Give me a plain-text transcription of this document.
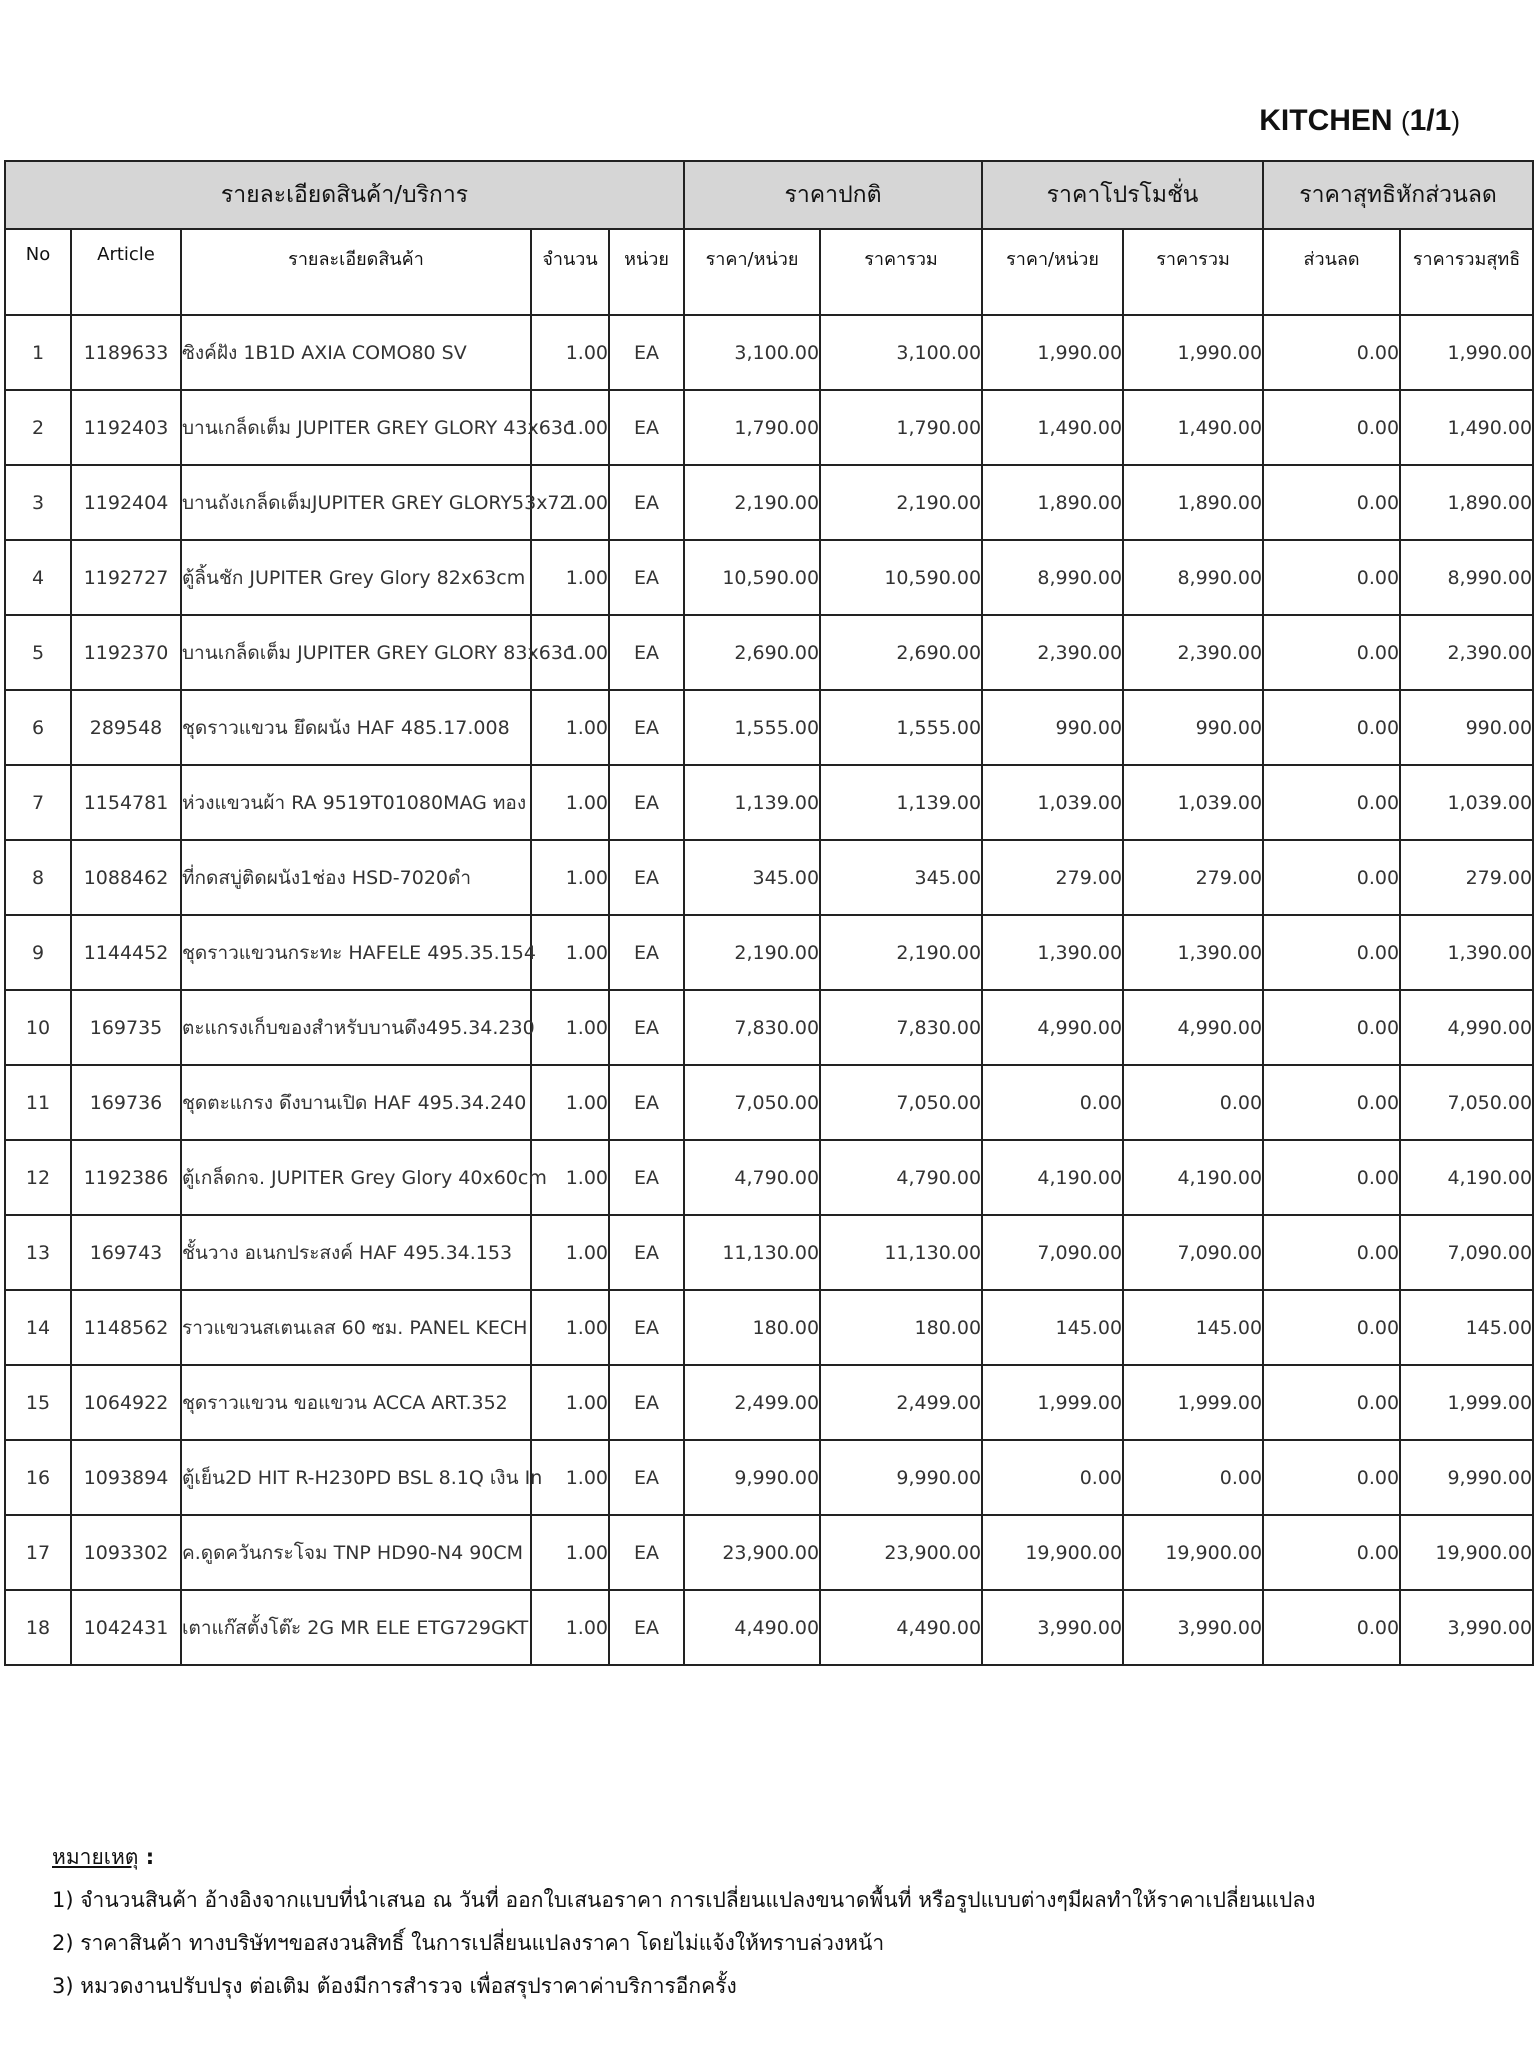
KITCHEN (1/1)
รายละเอียดสินค้า/บริการ					ราคาปกติ		ราคาโปรโมชั่น		ราคาสุทธิหักส่วนลด	
No	Article	รายละเอียดสินค้า	จำนวน	หน่วย	ราคา/หน่วย	ราคารวม	ราคา/หน่วย	ราคารวม	ส่วนลด	ราคารวมสุทธิ
1	1189633	ซิงค์ฝัง 1B1D AXIA COMO80 SV	1.00	EA	3,100.00	3,100.00	1,990.00	1,990.00	0.00	1,990.00
2	1192403	บานเกล็ดเต็ม JUPITER GREY GLORY 43x63c	1.00	EA	1,790.00	1,790.00	1,490.00	1,490.00	0.00	1,490.00
3	1192404	บานถังเกล็ดเต็มJUPITER GREY GLORY53x72	1.00	EA	2,190.00	2,190.00	1,890.00	1,890.00	0.00	1,890.00
4	1192727	ตู้ลิ้นชัก JUPITER Grey Glory 82x63cm	1.00	EA	10,590.00	10,590.00	8,990.00	8,990.00	0.00	8,990.00
5	1192370	บานเกล็ดเต็ม JUPITER GREY GLORY 83x63c	1.00	EA	2,690.00	2,690.00	2,390.00	2,390.00	0.00	2,390.00
6	289548	ชุดราวแขวน ยึดผนัง HAF 485.17.008	1.00	EA	1,555.00	1,555.00	990.00	990.00	0.00	990.00
7	1154781	ห่วงแขวนผ้า RA 9519T01080MAG ทอง	1.00	EA	1,139.00	1,139.00	1,039.00	1,039.00	0.00	1,039.00
8	1088462	ที่กดสบู่ติดผนัง1ช่อง HSD-7020ดำ	1.00	EA	345.00	345.00	279.00	279.00	0.00	279.00
9	1144452	ชุดราวแขวนกระทะ HAFELE 495.35.154	1.00	EA	2,190.00	2,190.00	1,390.00	1,390.00	0.00	1,390.00
10	169735	ตะแกรงเก็บของสำหรับบานดึง495.34.230	1.00	EA	7,830.00	7,830.00	4,990.00	4,990.00	0.00	4,990.00
11	169736	ชุดตะแกรง ดึงบานเปิด HAF 495.34.240	1.00	EA	7,050.00	7,050.00	0.00	0.00	0.00	7,050.00
12	1192386	ตู้เกล็ดกจ. JUPITER Grey Glory 40x60cm	1.00	EA	4,790.00	4,790.00	4,190.00	4,190.00	0.00	4,190.00
13	169743	ชั้นวาง อเนกประสงค์ HAF 495.34.153	1.00	EA	11,130.00	11,130.00	7,090.00	7,090.00	0.00	7,090.00
14	1148562	ราวแขวนสเตนเลส 60 ซม. PANEL KECH	1.00	EA	180.00	180.00	145.00	145.00	0.00	145.00
15	1064922	ชุดราวแขวน ขอแขวน ACCA ART.352	1.00	EA	2,499.00	2,499.00	1,999.00	1,999.00	0.00	1,999.00
16	1093894	ตู้เย็น2D HIT R-H230PD BSL 8.1Q เงิน In	1.00	EA	9,990.00	9,990.00	0.00	0.00	0.00	9,990.00
17	1093302	ค.ดูดควันกระโจม TNP HD90-N4 90CM	1.00	EA	23,900.00	23,900.00	19,900.00	19,900.00	0.00	19,900.00
18	1042431	เตาแก๊สตั้งโต๊ะ 2G MR ELE ETG729GKT	1.00	EA	4,490.00	4,490.00	3,990.00	3,990.00	0.00	3,990.00
หมายเหตุ :
1) จำนวนสินค้า อ้างอิงจากแบบที่นำเสนอ ณ วันที่ ออกใบเสนอราคา การเปลี่ยนแปลงขนาดพื้นที่ หรือรูปแบบต่างๆมีผลทำให้ราคาเปลี่ยนแปลง
2) ราคาสินค้า ทางบริษัทฯขอสงวนสิทธิ์ ในการเปลี่ยนแปลงราคา โดยไม่แจ้งให้ทราบล่วงหน้า
3) หมวดงานปรับปรุง ต่อเติม ต้องมีการสำรวจ เพื่อสรุปราคาค่าบริการอีกครั้ง
